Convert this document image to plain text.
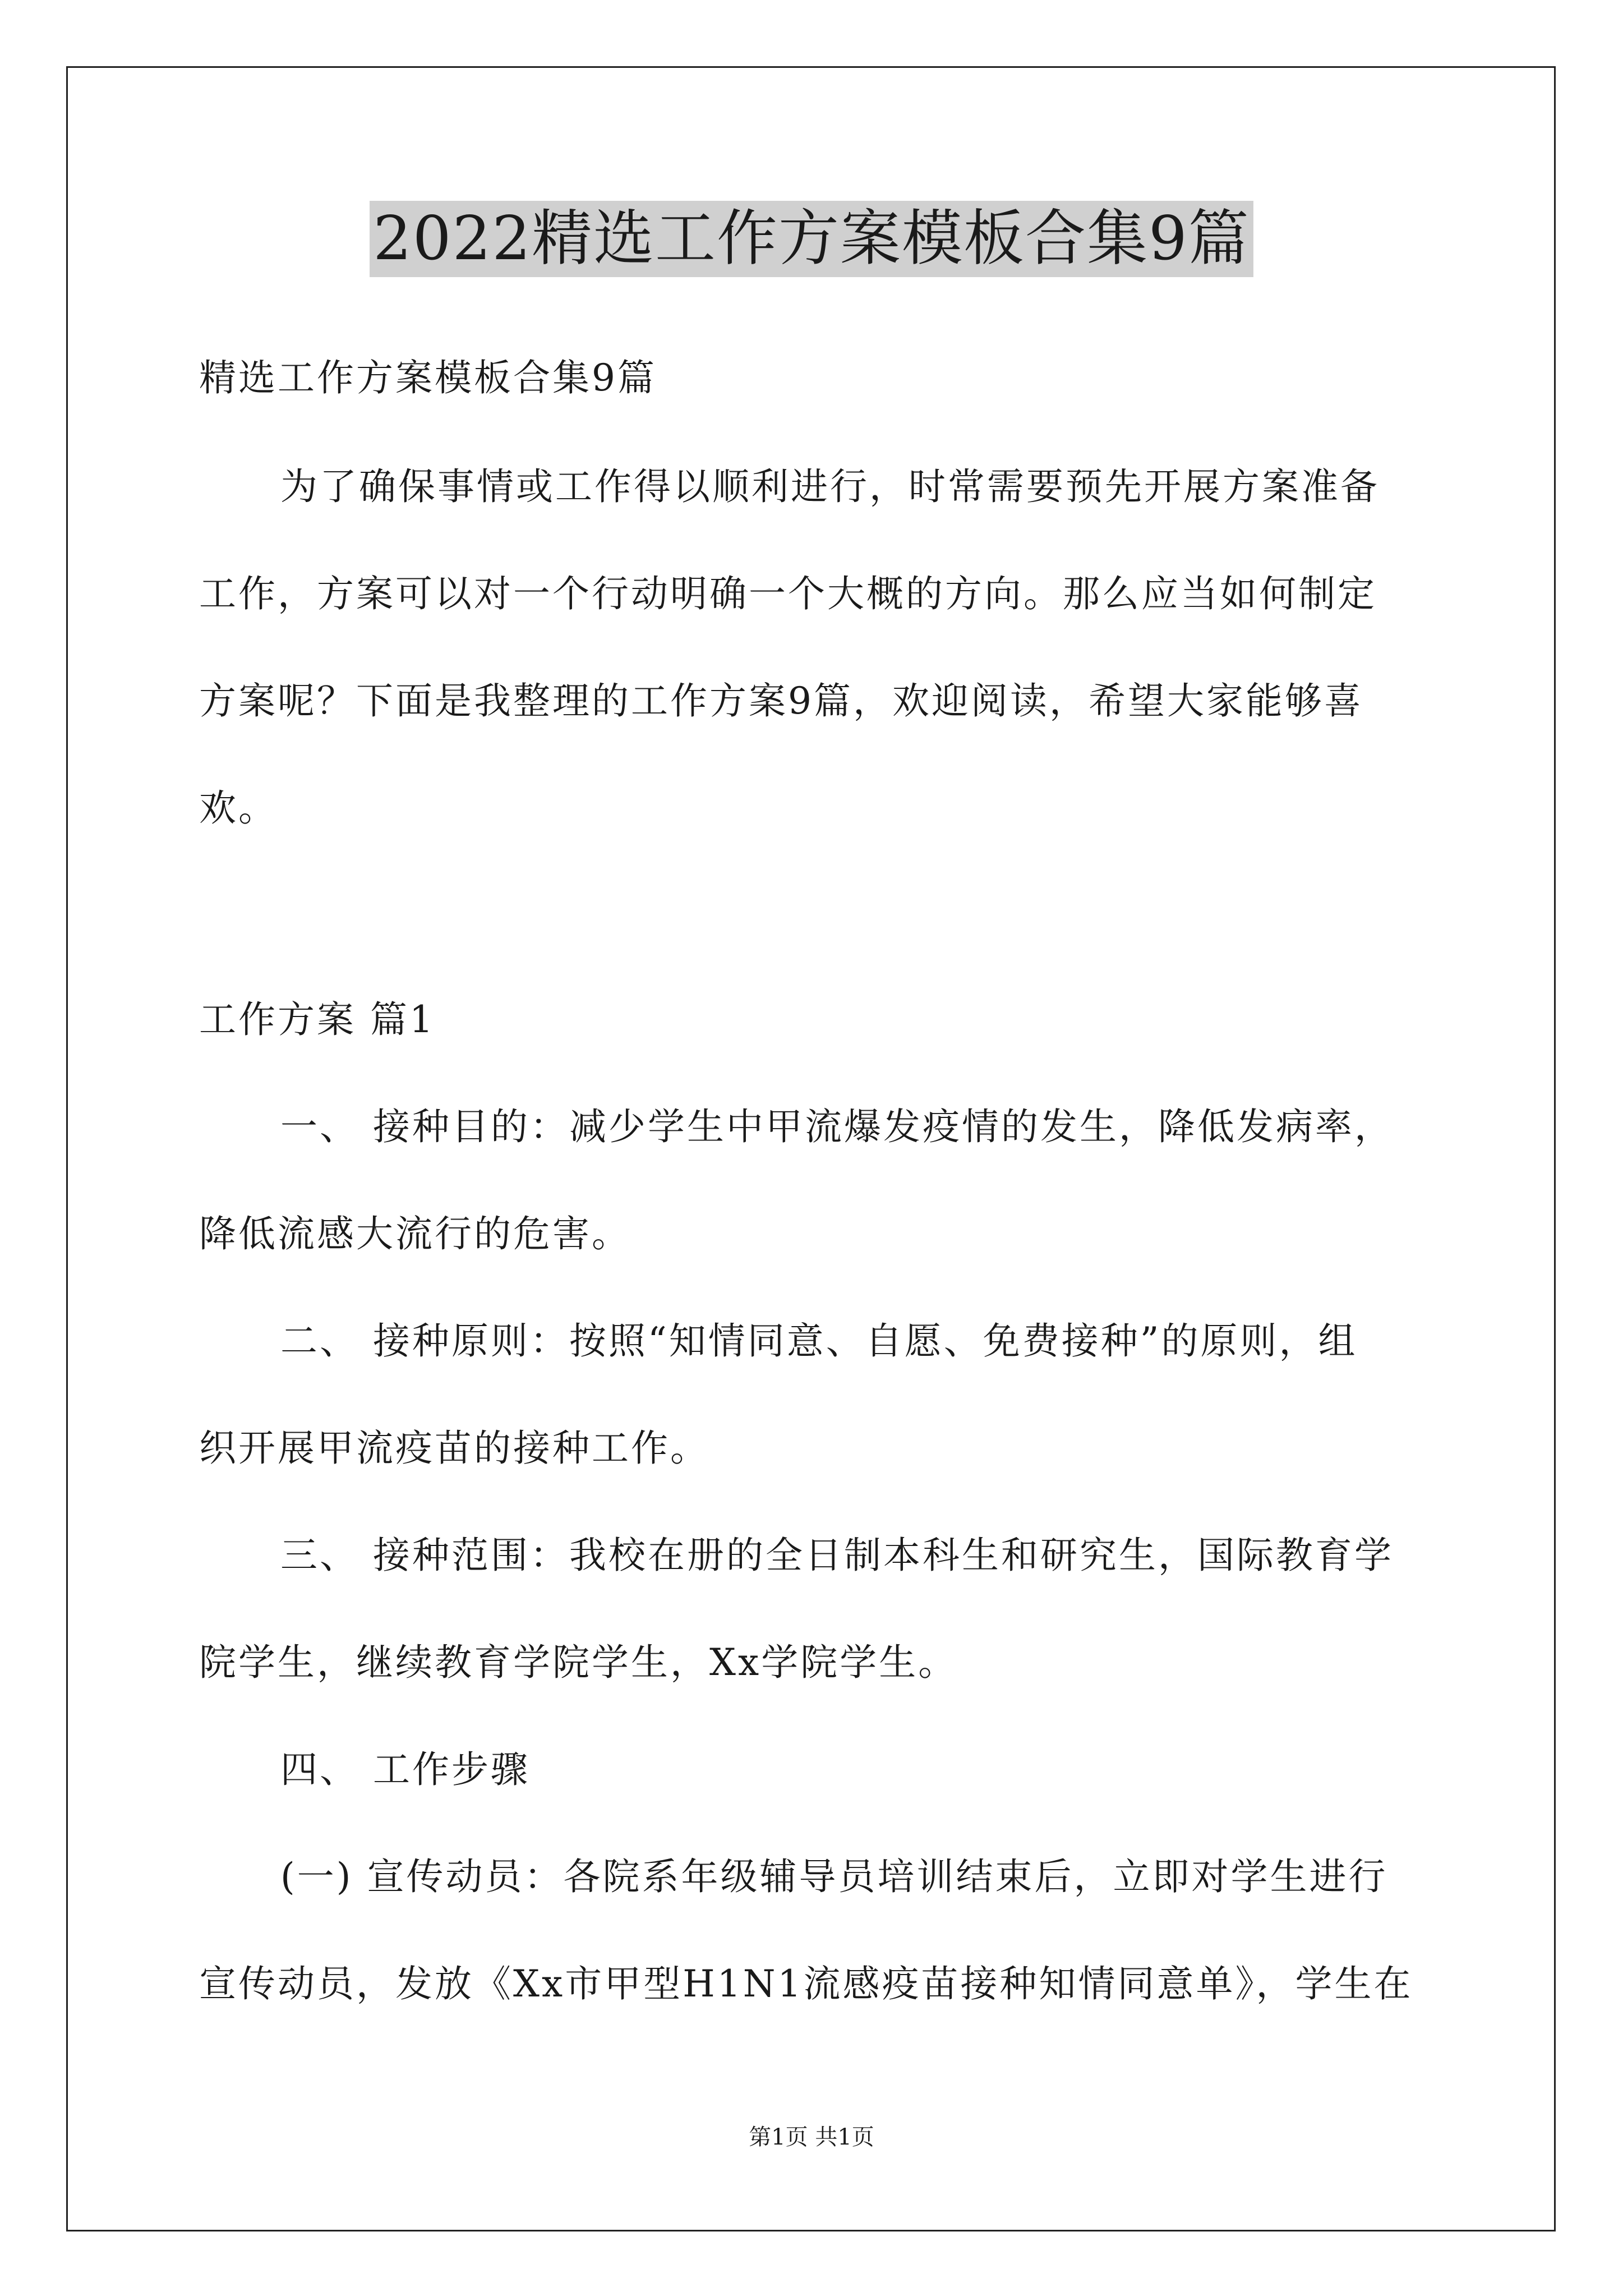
2022精选工作方案模板合集9篇
精选工作方案模板合集9篇
为了确保事情或工作得以顺利进行，时常需要预先开展方案准备
工作，方案可以对一个行动明确一个大概的方向。那么应当如何制定
方案呢？下面是我整理的工作方案9篇，欢迎阅读，希望大家能够喜
欢。
工作方案 篇1
一、 接种目的：减少学生中甲流爆发疫情的发生，降低发病率，
降低流感大流行的危害。
二、 接种原则：按照“知情同意、自愿、免费接种”的原则，组
织开展甲流疫苗的接种工作。
三、 接种范围：我校在册的全日制本科生和研究生，国际教育学
院学生，继续教育学院学生，Xx学院学生。
四、 工作步骤
(一) 宣传动员：各院系年级辅导员培训结束后，立即对学生进行
宣传动员，发放《Xx市甲型H1N1流感疫苗接种知情同意单》，学生在
第1页 共1页
